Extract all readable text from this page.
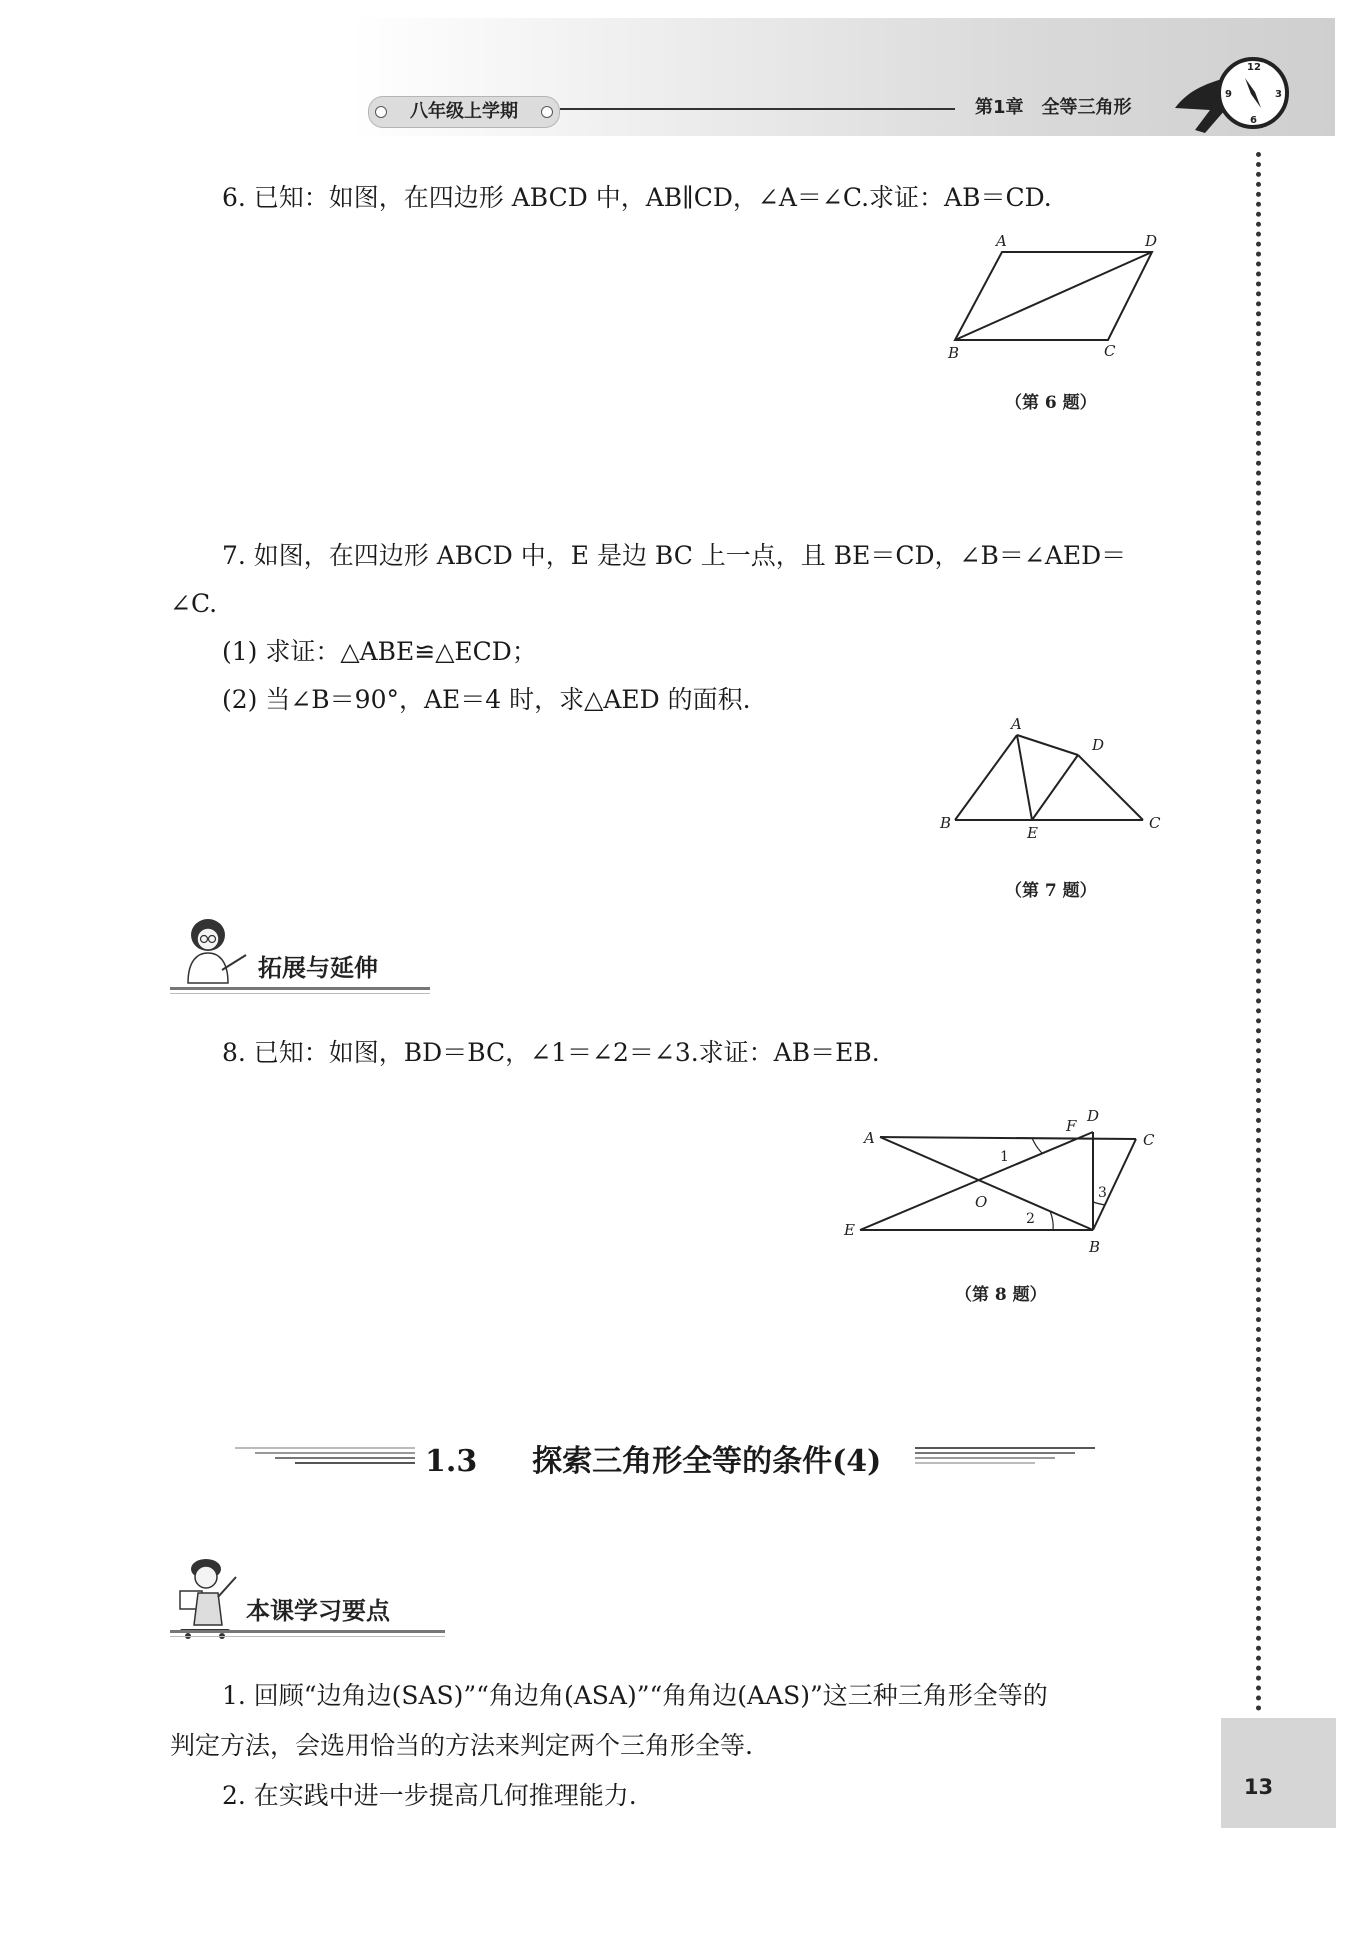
八年级上学期	第1章 全等三角形
12
3
6
9
13
6. 已知：如图，在四边形 ABCD 中，AB∥CD，∠A＝∠C.求证：AB＝CD.
A	D
B	C
（第 6 题）
7. 如图，在四边形 ABCD 中，E 是边 BC 上一点，且 BE＝CD，∠B＝∠AED＝
∠C.
(1) 求证：△ABE≌△ECD；
(2) 当∠B＝90°，AE＝4 时，求△AED 的面积.
A
D
B
E
C
（第 7 题）
拓展与延伸
8. 已知：如图，BD＝BC，∠1＝∠2＝∠3.求证：AB＝EB.
A
D
F
C
O
E
B
1
2
3
（第 8 题）
1.3 探索三角形全等的条件(4)
本课学习要点
1. 回顾“边角边(SAS)”“角边角(ASA)”“角角边(AAS)”这三种三角形全等的
判定方法，会选用恰当的方法来判定两个三角形全等.
2. 在实践中进一步提高几何推理能力.
